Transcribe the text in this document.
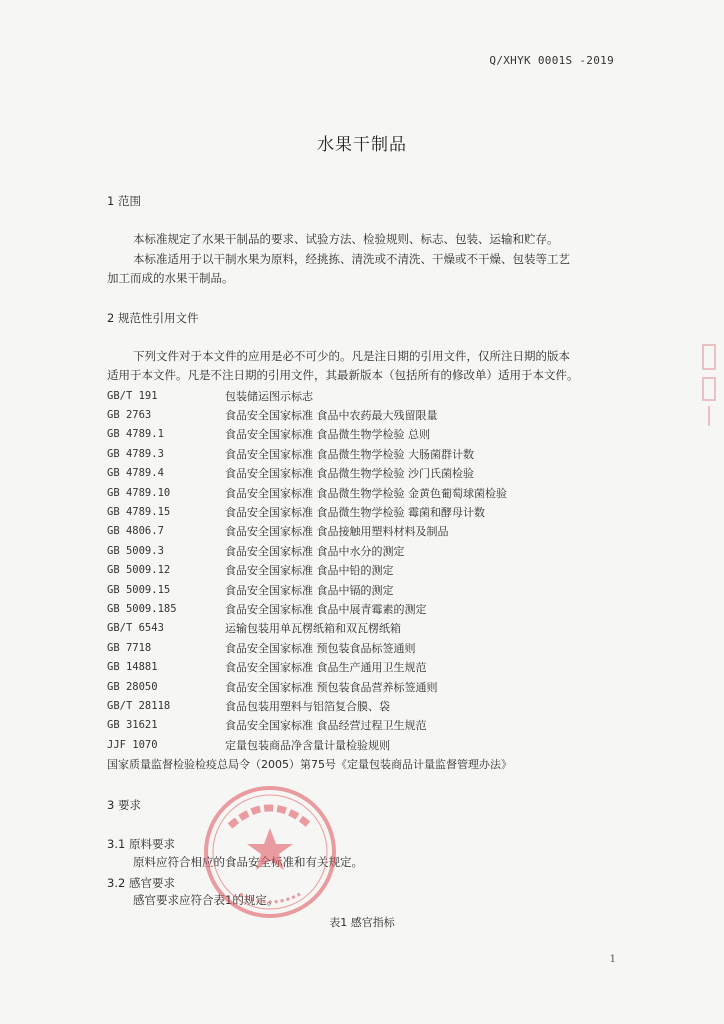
Q/XHYK 0001S -2019
水果干制品
1 范围
本标准规定了水果干制品的要求、试验方法、检验规则、标志、包装、运输和贮存。
本标准适用于以干制水果为原料，经挑拣、清洗或不清洗、干燥或不干燥、包装等工艺
加工而成的水果干制品。
2 规范性引用文件
下列文件对于本文件的应用是必不可少的。凡是注日期的引用文件，仅所注日期的版本
适用于本文件。凡是不注日期的引用文件，其最新版本（包括所有的修改单）适用于本文件。
GB/T 191	包装储运图示标志
GB 2763	食品安全国家标准 食品中农药最大残留限量
GB 4789.1	食品安全国家标准 食品微生物学检验 总则
GB 4789.3	食品安全国家标准 食品微生物学检验 大肠菌群计数
GB 4789.4	食品安全国家标准 食品微生物学检验 沙门氏菌检验
GB 4789.10	食品安全国家标准 食品微生物学检验 金黄色葡萄球菌检验
GB 4789.15	食品安全国家标准 食品微生物学检验 霉菌和酵母计数
GB 4806.7	食品安全国家标准 食品接触用塑料材料及制品
GB 5009.3	食品安全国家标准 食品中水分的测定
GB 5009.12	食品安全国家标准 食品中铅的测定
GB 5009.15	食品安全国家标准 食品中镉的测定
GB 5009.185	食品安全国家标准 食品中展青霉素的测定
GB/T 6543	运输包装用单瓦楞纸箱和双瓦楞纸箱
GB 7718	食品安全国家标准 预包装食品标签通则
GB 14881	食品安全国家标准 食品生产通用卫生规范
GB 28050	食品安全国家标准 预包装食品营养标签通则
GB/T 28118	食品包装用塑料与铝箔复合膜、袋
GB 31621	食品安全国家标准 食品经营过程卫生规范
JJF 1070	定量包装商品净含量计量检验规则
国家质量监督检验检疫总局令（2005）第75号《定量包装商品计量监督管理办法》
3 要求
3.1 原料要求
原料应符合相应的食品安全标准和有关规定。
3.2 感官要求
感官要求应符合表1的规定。
表1 感官指标
1
